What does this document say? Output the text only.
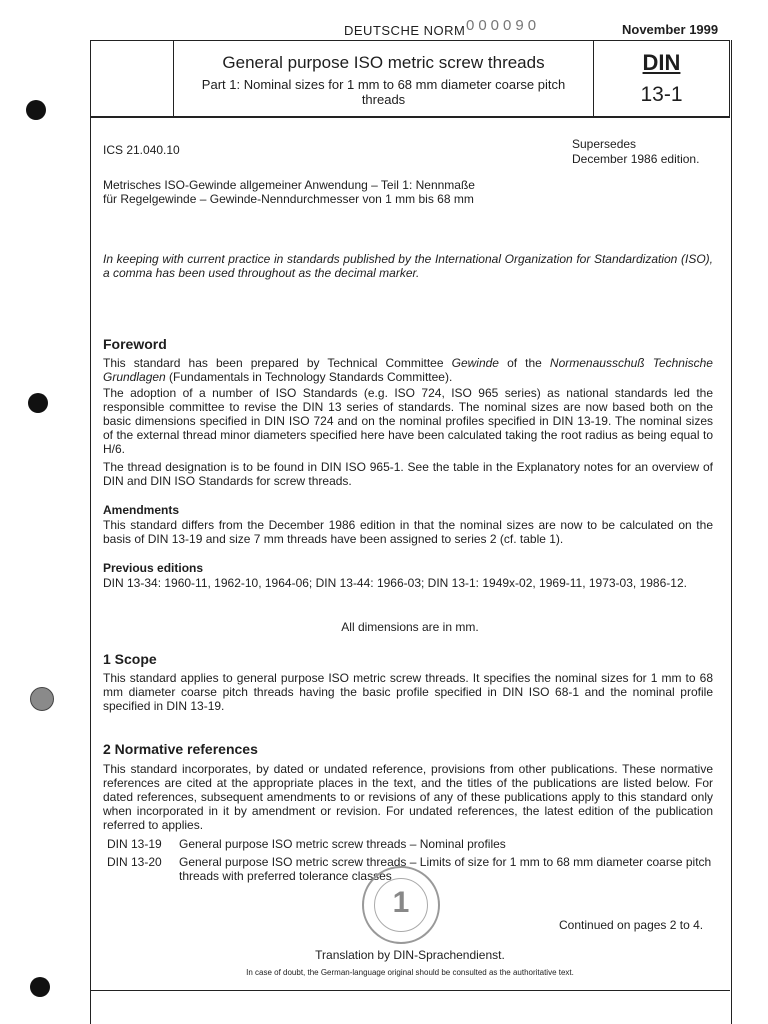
DEUTSCHE NORM 000090	November 1999
General purpose ISO metric screw threads
Part 1: Nominal sizes for 1 mm to 68 mm diameter coarse pitch threads
DIN
13-1
ICS 21.040.10	Supersedes
December 1986 edition.
Metrisches ISO-Gewinde allgemeiner Anwendung – Teil 1: Nennmaße
für Regelgewinde – Gewinde-Nenndurchmesser von 1 mm bis 68 mm
In keeping with current practice in standards published by the International Organization for Standardization (ISO), a comma has been used throughout as the decimal marker.
Foreword
This standard has been prepared by Technical Committee Gewinde of the Normenausschuß Technische Grundlagen (Fundamentals in Technology Standards Committee).
The adoption of a number of ISO Standards (e.g. ISO 724, ISO 965 series) as national standards led the responsible committee to revise the DIN 13 series of standards. The nominal sizes are now based both on the basic dimensions specified in DIN ISO 724 and on the nominal profiles specified in DIN 13-19. The nominal sizes of the external thread minor diameters specified here have been calculated taking the root radius as being equal to H/6.
The thread designation is to be found in DIN ISO 965-1. See the table in the Explanatory notes for an overview of DIN and DIN ISO Standards for screw threads.
Amendments
This standard differs from the December 1986 edition in that the nominal sizes are now to be calculated on the basis of DIN 13-19 and size 7 mm threads have been assigned to series 2 (cf. table 1).
Previous editions
DIN 13-34: 1960-11, 1962-10, 1964-06; DIN 13-44: 1966-03; DIN 13-1: 1949x-02, 1969-11, 1973-03, 1986-12.
All dimensions are in mm.
1 Scope
This standard applies to general purpose ISO metric screw threads. It specifies the nominal sizes for 1 mm to 68 mm diameter coarse pitch threads having the basic profile specified in DIN ISO 68-1 and the nominal profile specified in DIN 13-19.
2 Normative references
This standard incorporates, by dated or undated reference, provisions from other publications. These normative references are cited at the appropriate places in the text, and the titles of the publications are listed below. For dated references, subsequent amendments to or revisions of any of these publications apply to this standard only when incorporated in it by amendment or revision. For undated references, the latest edition of the publication referred to applies.
DIN 13-19	General purpose ISO metric screw threads – Nominal profiles
DIN 13-20	General purpose ISO metric screw threads – Limits of size for 1 mm to 68 mm diameter coarse pitch threads with preferred tolerance classes
1
Continued on pages 2 to 4.
Translation by DIN-Sprachendienst.
In case of doubt, the German-language original should be consulted as the authoritative text.
